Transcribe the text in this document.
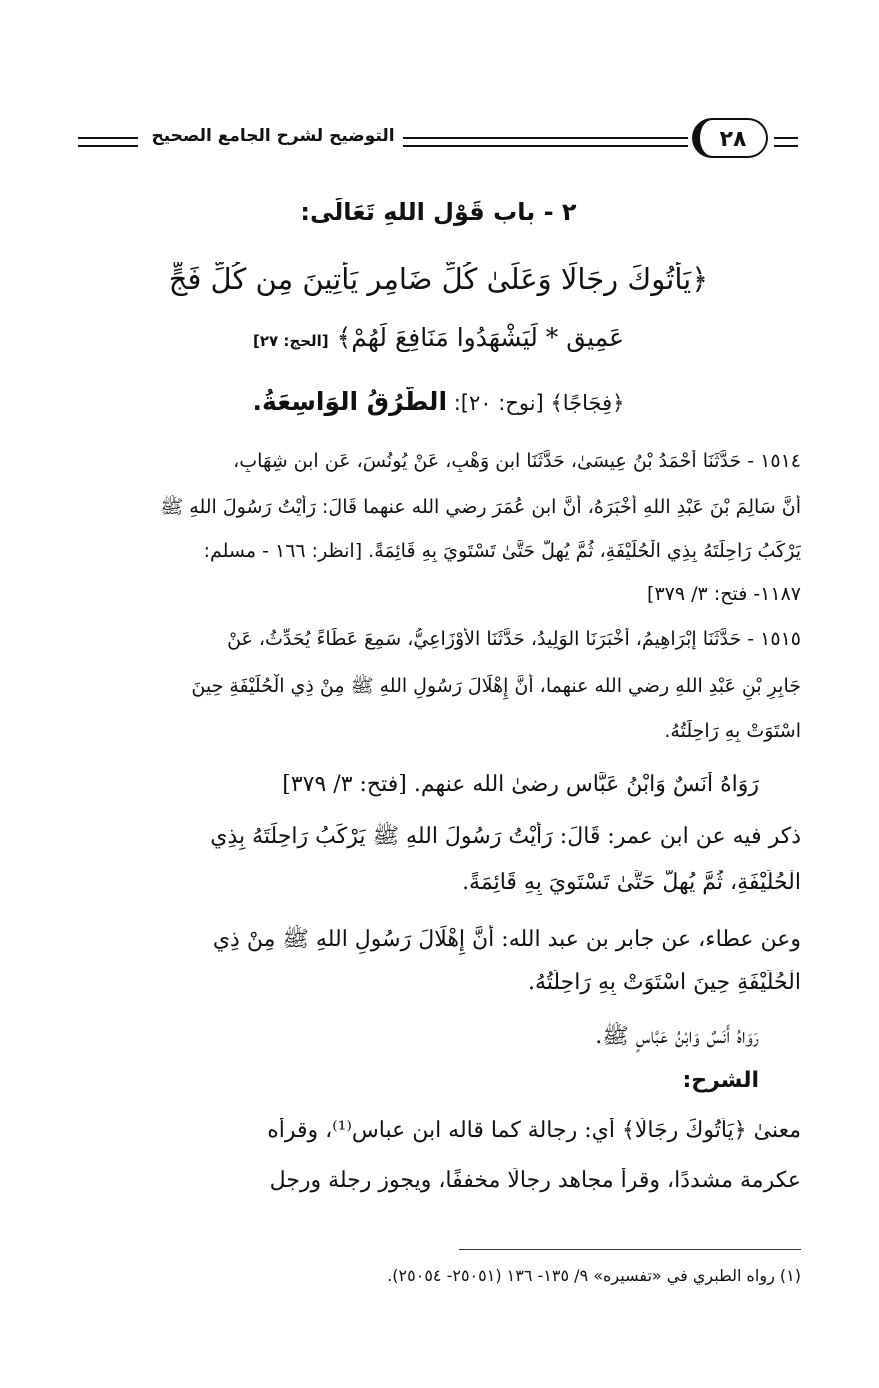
التوضيح لشرح الجامع الصحيح	٢٨
٢ - باب قَوْلِ اللهِ تَعَالَى:
﴿يَأْتُوكَ رِجَالًا وَعَلَىٰ كُلِّ ضَامِرٍ يَأْتِينَ مِن كُلِّ فَجٍّ
عَمِيقٍ * لِّيَشْهَدُوا مَنَافِعَ لَهُمْ﴾ [الحج: ٢٧]
﴿فِجَاجًا﴾ [نوح: ٢٠]: الطُّرُقُ الوَاسِعَةُ.
١٥١٤ - حَدَّثَنَا أَحْمَدُ بْنُ عِيسَىٰ، حَدَّثَنَا ابن وَهْبٍ، عَنْ يُونُسَ، عَنِ ابن شِهَابٍ،
أَنَّ سَالِمَ بْنَ عَبْدِ اللهِ أَخْبَرَهُ، أَنَّ ابن عُمَرَ رضي الله عنهما قَالَ: رَأَيْتُ رَسُولَ اللهِ ﷺ
يَرْكَبُ رَاحِلَتَهُ بِذِي الْحُلَيْفَةِ، ثُمَّ يُهِلُّ حَتَّىٰ تَسْتَوِيَ بِهِ قَائِمَةً. [انظر: ١٦٦ - مسلم:
١١٨٧- فتح: ٣/ ٣٧٩]
١٥١٥ - حَدَّثَنَا إِبْرَاهِيمُ، أَخْبَرَنَا الوَلِيدُ، حَدَّثَنَا الأَوْزَاعِيُّ، سَمِعَ عَطَاءً يُحَدِّثُ، عَنْ
جَابِرِ بْنِ عَبْدِ اللهِ رضي الله عنهما، أَنَّ إِهْلَالَ رَسُولِ اللهِ ﷺ مِنْ ذِي الْحُلَيْفَةِ حِينَ
اسْتَوَتْ بِهِ رَاحِلَتُهُ.
رَوَاهُ أَنَسٌ وَابْنُ عَبَّاسٍ رضىٰ الله عنهم. [فتح: ٣/ ٣٧٩]
ذكر فيه عن ابن عمر: قَالَ: رَأَيْتُ رَسُولَ اللهِ ﷺ يَرْكَبُ رَاحِلَتَهُ بِذِي
الْحُلَيْفَةِ، ثُمَّ يُهِلُّ حَتَّىٰ تَسْتَوِيَ بِهِ قَائِمَةً.
وعن عطاء، عن جابر بن عبد الله: أَنَّ إِهْلَالَ رَسُولِ اللهِ ﷺ مِنْ ذِي
الْحُلَيْفَةِ حِينَ اسْتَوَتْ بِهِ رَاحِلَتُهُ.
رَوَاهُ أَنَسٌ وَابْنُ عَبَّاسٍ ﷺ.
الشرح:
معنىٰ ﴿يَأْتُوكَ رِجَالًا﴾ أي: رجالة كما قاله ابن عباس⁽¹⁾، وقرأه
عكرمة مشددًا، وقرأ مجاهد رجالًا مخففًا، ويجوز رجلة ورجل
(١) رواه الطبري في «تفسيره» ٩/ ١٣٥- ١٣٦ (٢٥٠٥١- ٢٥٠٥٤).
